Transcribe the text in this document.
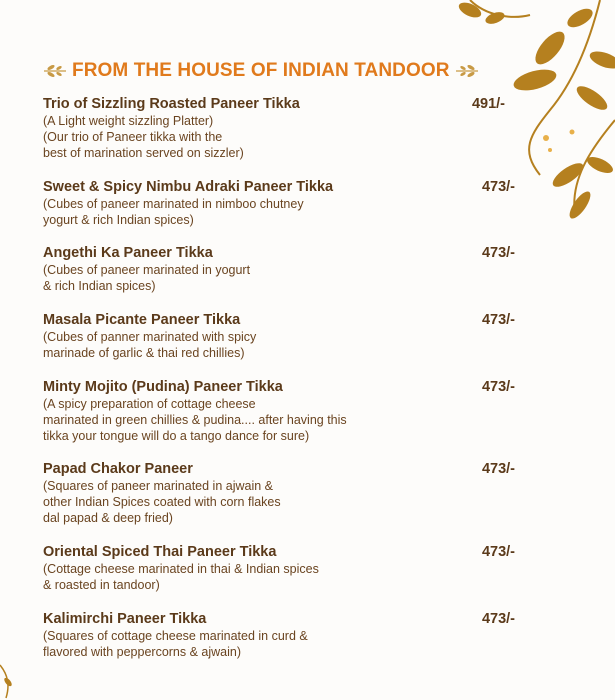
FROM THE HOUSE OF INDIAN TANDOOR
Trio of Sizzling Roasted Paneer Tikka	491/-
(A Light weight sizzling Platter)
(Our trio of Paneer tikka with the
best of marination served on sizzler)
Sweet & Spicy Nimbu Adraki Paneer Tikka	473/-
(Cubes of paneer marinated in nimboo chutney
yogurt & rich Indian spices)
Angethi Ka Paneer Tikka	473/-
(Cubes of paneer marinated in yogurt
& rich Indian spices)
Masala Picante Paneer Tikka	473/-
(Cubes of panner marinated with spicy
marinade of garlic & thai red chillies)
Minty Mojito (Pudina) Paneer Tikka	473/-
(A spicy preparation of cottage cheese
marinated in green chillies & pudina.... after having this
tikka your tongue will do a tango dance for sure)
Papad Chakor Paneer	473/-
(Squares of paneer marinated in ajwain &
other Indian Spices coated with corn flakes
dal papad & deep fried)
Oriental Spiced Thai Paneer Tikka	473/-
(Cottage cheese marinated in thai & Indian spices
& roasted in tandoor)
Kalimirchi Paneer Tikka	473/-
(Squares of cottage cheese marinated in curd &
flavored with peppercorns & ajwain)
